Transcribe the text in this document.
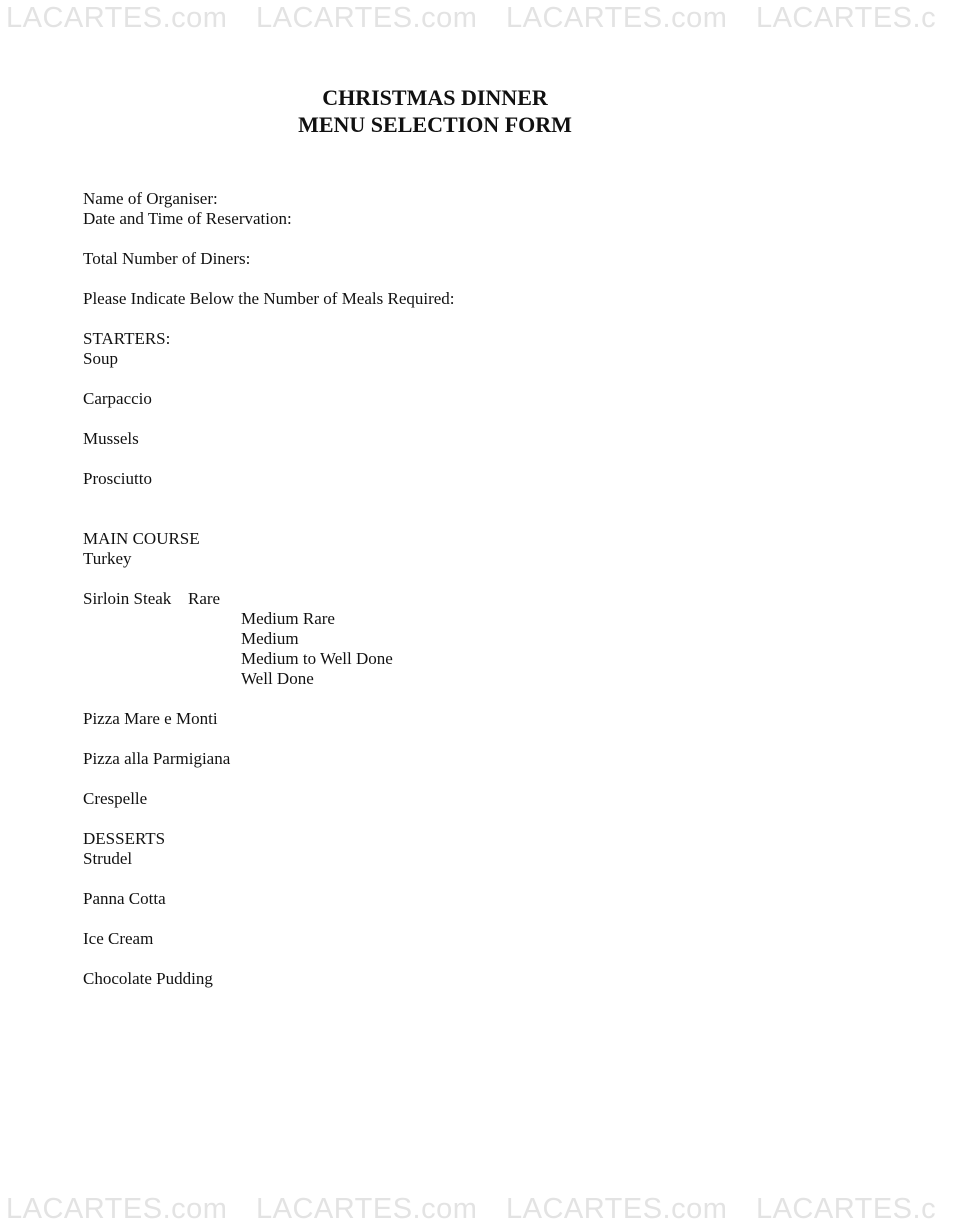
LACARTES.com LACARTES.com LACARTES.com LACARTES.c
CHRISTMAS DINNER
MENU SELECTION FORM
Name of Organiser:
Date and Time of Reservation:
Total Number of Diners:
Please Indicate Below the Number of Meals Required:
STARTERS:
Soup
Carpaccio
Mussels
Prosciutto
MAIN COURSE
Turkey
Sirloin Steak Rare
Medium Rare
Medium
Medium to Well Done
Well Done
Pizza Mare e Monti
Pizza alla Parmigiana
Crespelle
DESSERTS
Strudel
Panna Cotta
Ice Cream
Chocolate Pudding
LACARTES.com LACARTES.com LACARTES.com LACARTES.c
